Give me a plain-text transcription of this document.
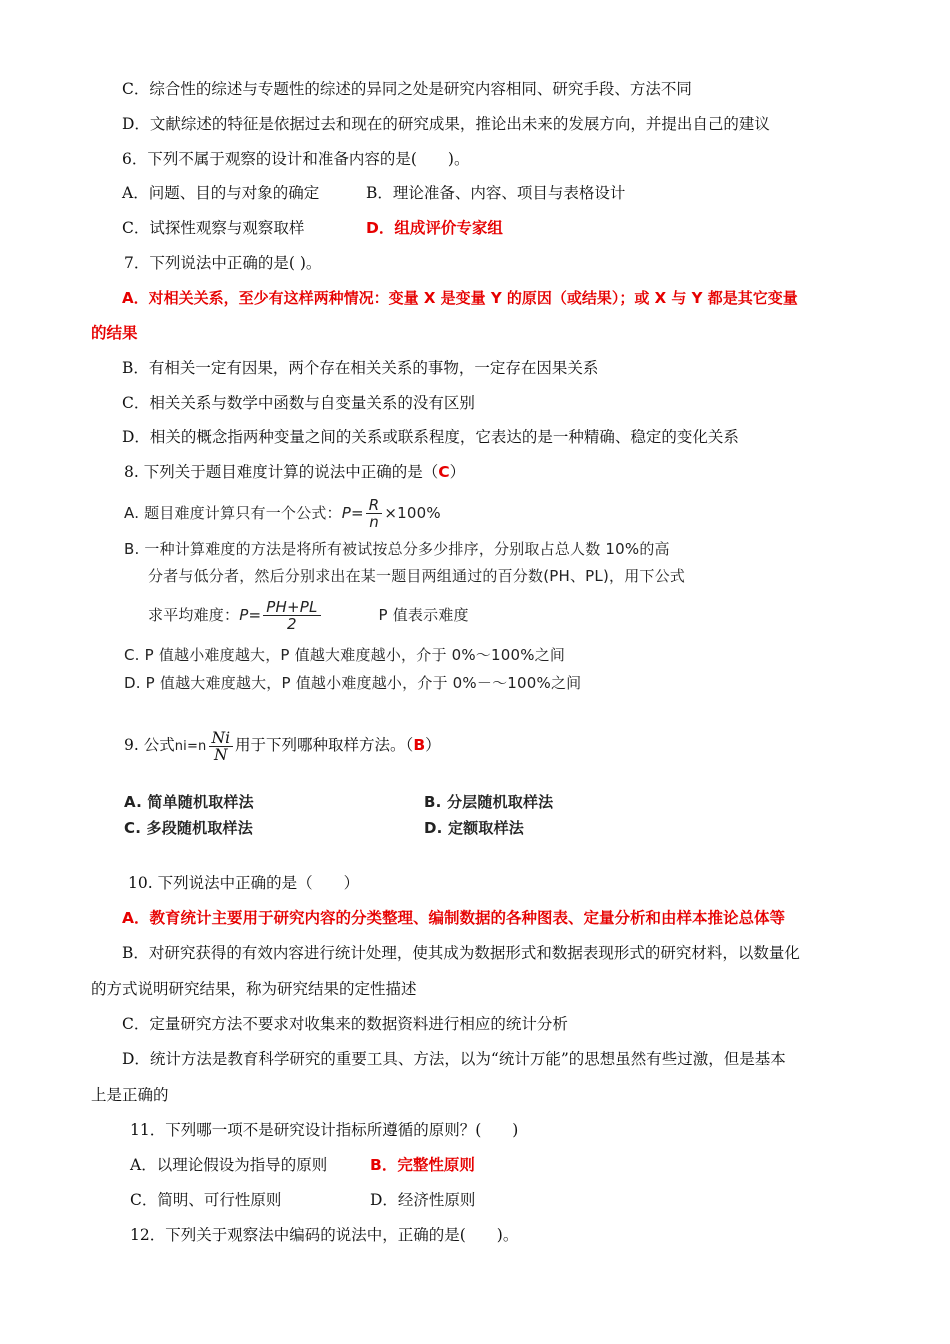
C．综合性的综述与专题性的综述的异同之处是研究内容相同、研究手段、方法不同
D．文献综述的特征是依据过去和现在的研究成果，推论出未来的发展方向，并提出自己的建议
6．下列不属于观察的设计和准备内容的是(　　)。
A．问题、目的与对象的确定	B．理论准备、内容、项目与表格设计
C．试探性观察与观察取样	D．组成评价专家组
7．下列说法中正确的是( )。
A．对相关关系，至少有这样两种情况：变量 X 是变量 Y 的原因（或结果）；或 X 与 Y 都是其它变量
的结果
B．有相关一定有因果，两个存在相关关系的事物，一定存在因果关系
C．相关关系与数学中函数与自变量关系的没有区别
D．相关的概念指两种变量之间的关系或联系程度，它表达的是一种精确、稳定的变化关系
8. 下列关于题目难度计算的说法中正确的是（C）
A. 题目难度计算只有一个公式：$P= \frac{R}{n} \times 100\%$
B. 一种计算难度的方法是将所有被试按总分多少排序，分别取占总人数 10%的高
分者与低分者，然后分别求出在某一题目两组通过的百分数(PH、PL)，用下公式
求平均难度：$P= \frac{PH+PL}{2}$	P 值表示难度
C. P 值越小难度越大，P 值越大难度越小，介于 0%～100%之间
D. P 值越大难度越大，P 值越小难度越小，介于 0%－～100%之间
9. 公式$ni=n \frac{Ni}{N}$ 用于下列哪种取样方法。（B）
A. 简单随机取样法	B. 分层随机取样法
C. 多段随机取样法	D. 定额取样法
10. 下列说法中正确的是（　　）
A．教育统计主要用于研究内容的分类整理、编制数据的各种图表、定量分析和由样本推论总体等
B．对研究获得的有效内容进行统计处理，使其成为数据形式和数据表现形式的研究材料，以数量化
的方式说明研究结果，称为研究结果的定性描述
C．定量研究方法不要求对收集来的数据资料进行相应的统计分析
D．统计方法是教育科学研究的重要工具、方法，以为“统计万能”的思想虽然有些过激，但是基本
上是正确的
11．下列哪一项不是研究设计指标所遵循的原则？(　　)
A．以理论假设为指导的原则	B．完整性原则
C．简明、可行性原则	D．经济性原则
12．下列关于观察法中编码的说法中，正确的是(　　)。
